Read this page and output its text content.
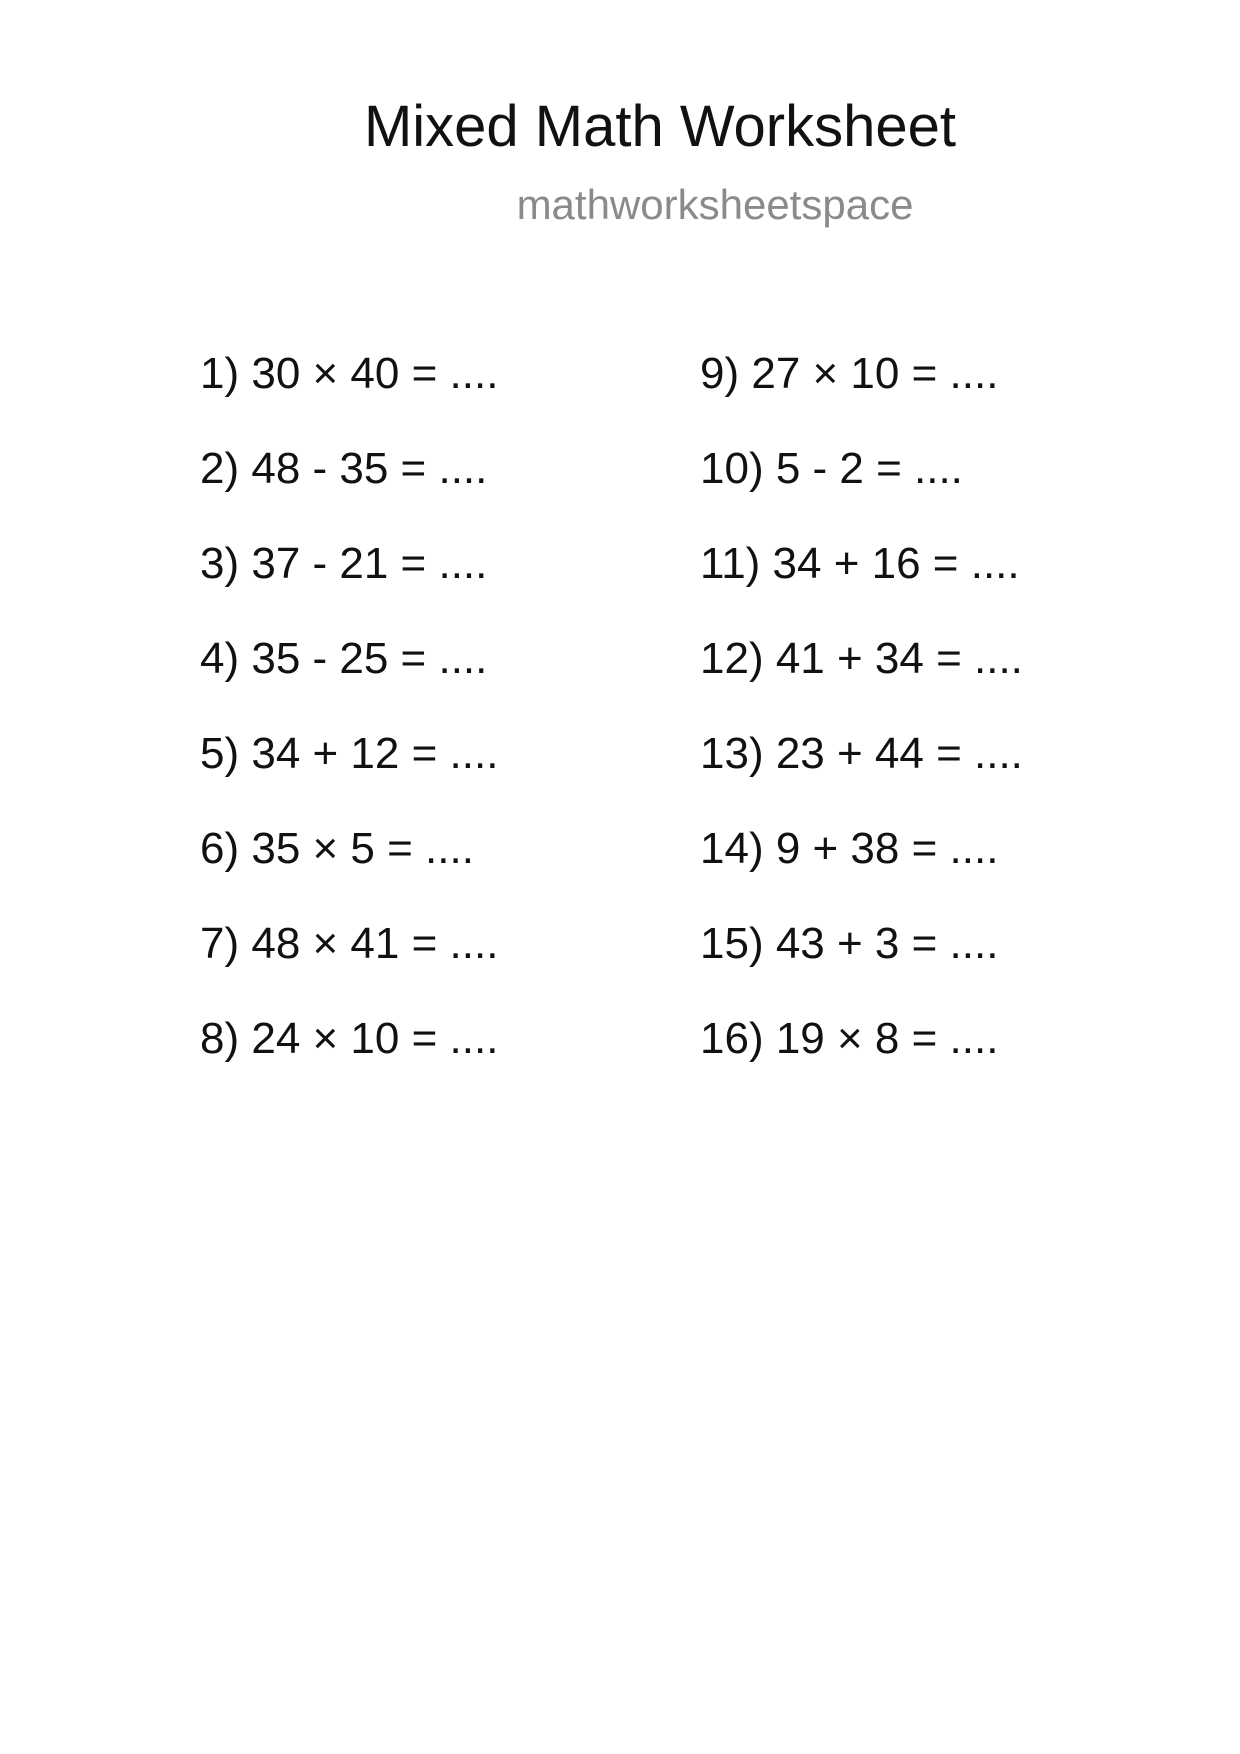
Mixed Math Worksheet
mathworksheetspace
1) 30 × 40 = ....
2) 48 - 35 = ....
3) 37 - 21 = ....
4) 35 - 25 = ....
5) 34 + 12 = ....
6) 35 × 5 = ....
7) 48 × 41 = ....
8) 24 × 10 = ....
9) 27 × 10 = ....
10) 5 - 2 = ....
11) 34 + 16 = ....
12) 41 + 34 = ....
13) 23 + 44 = ....
14) 9 + 38 = ....
15) 43 + 3 = ....
16) 19 × 8 = ....
